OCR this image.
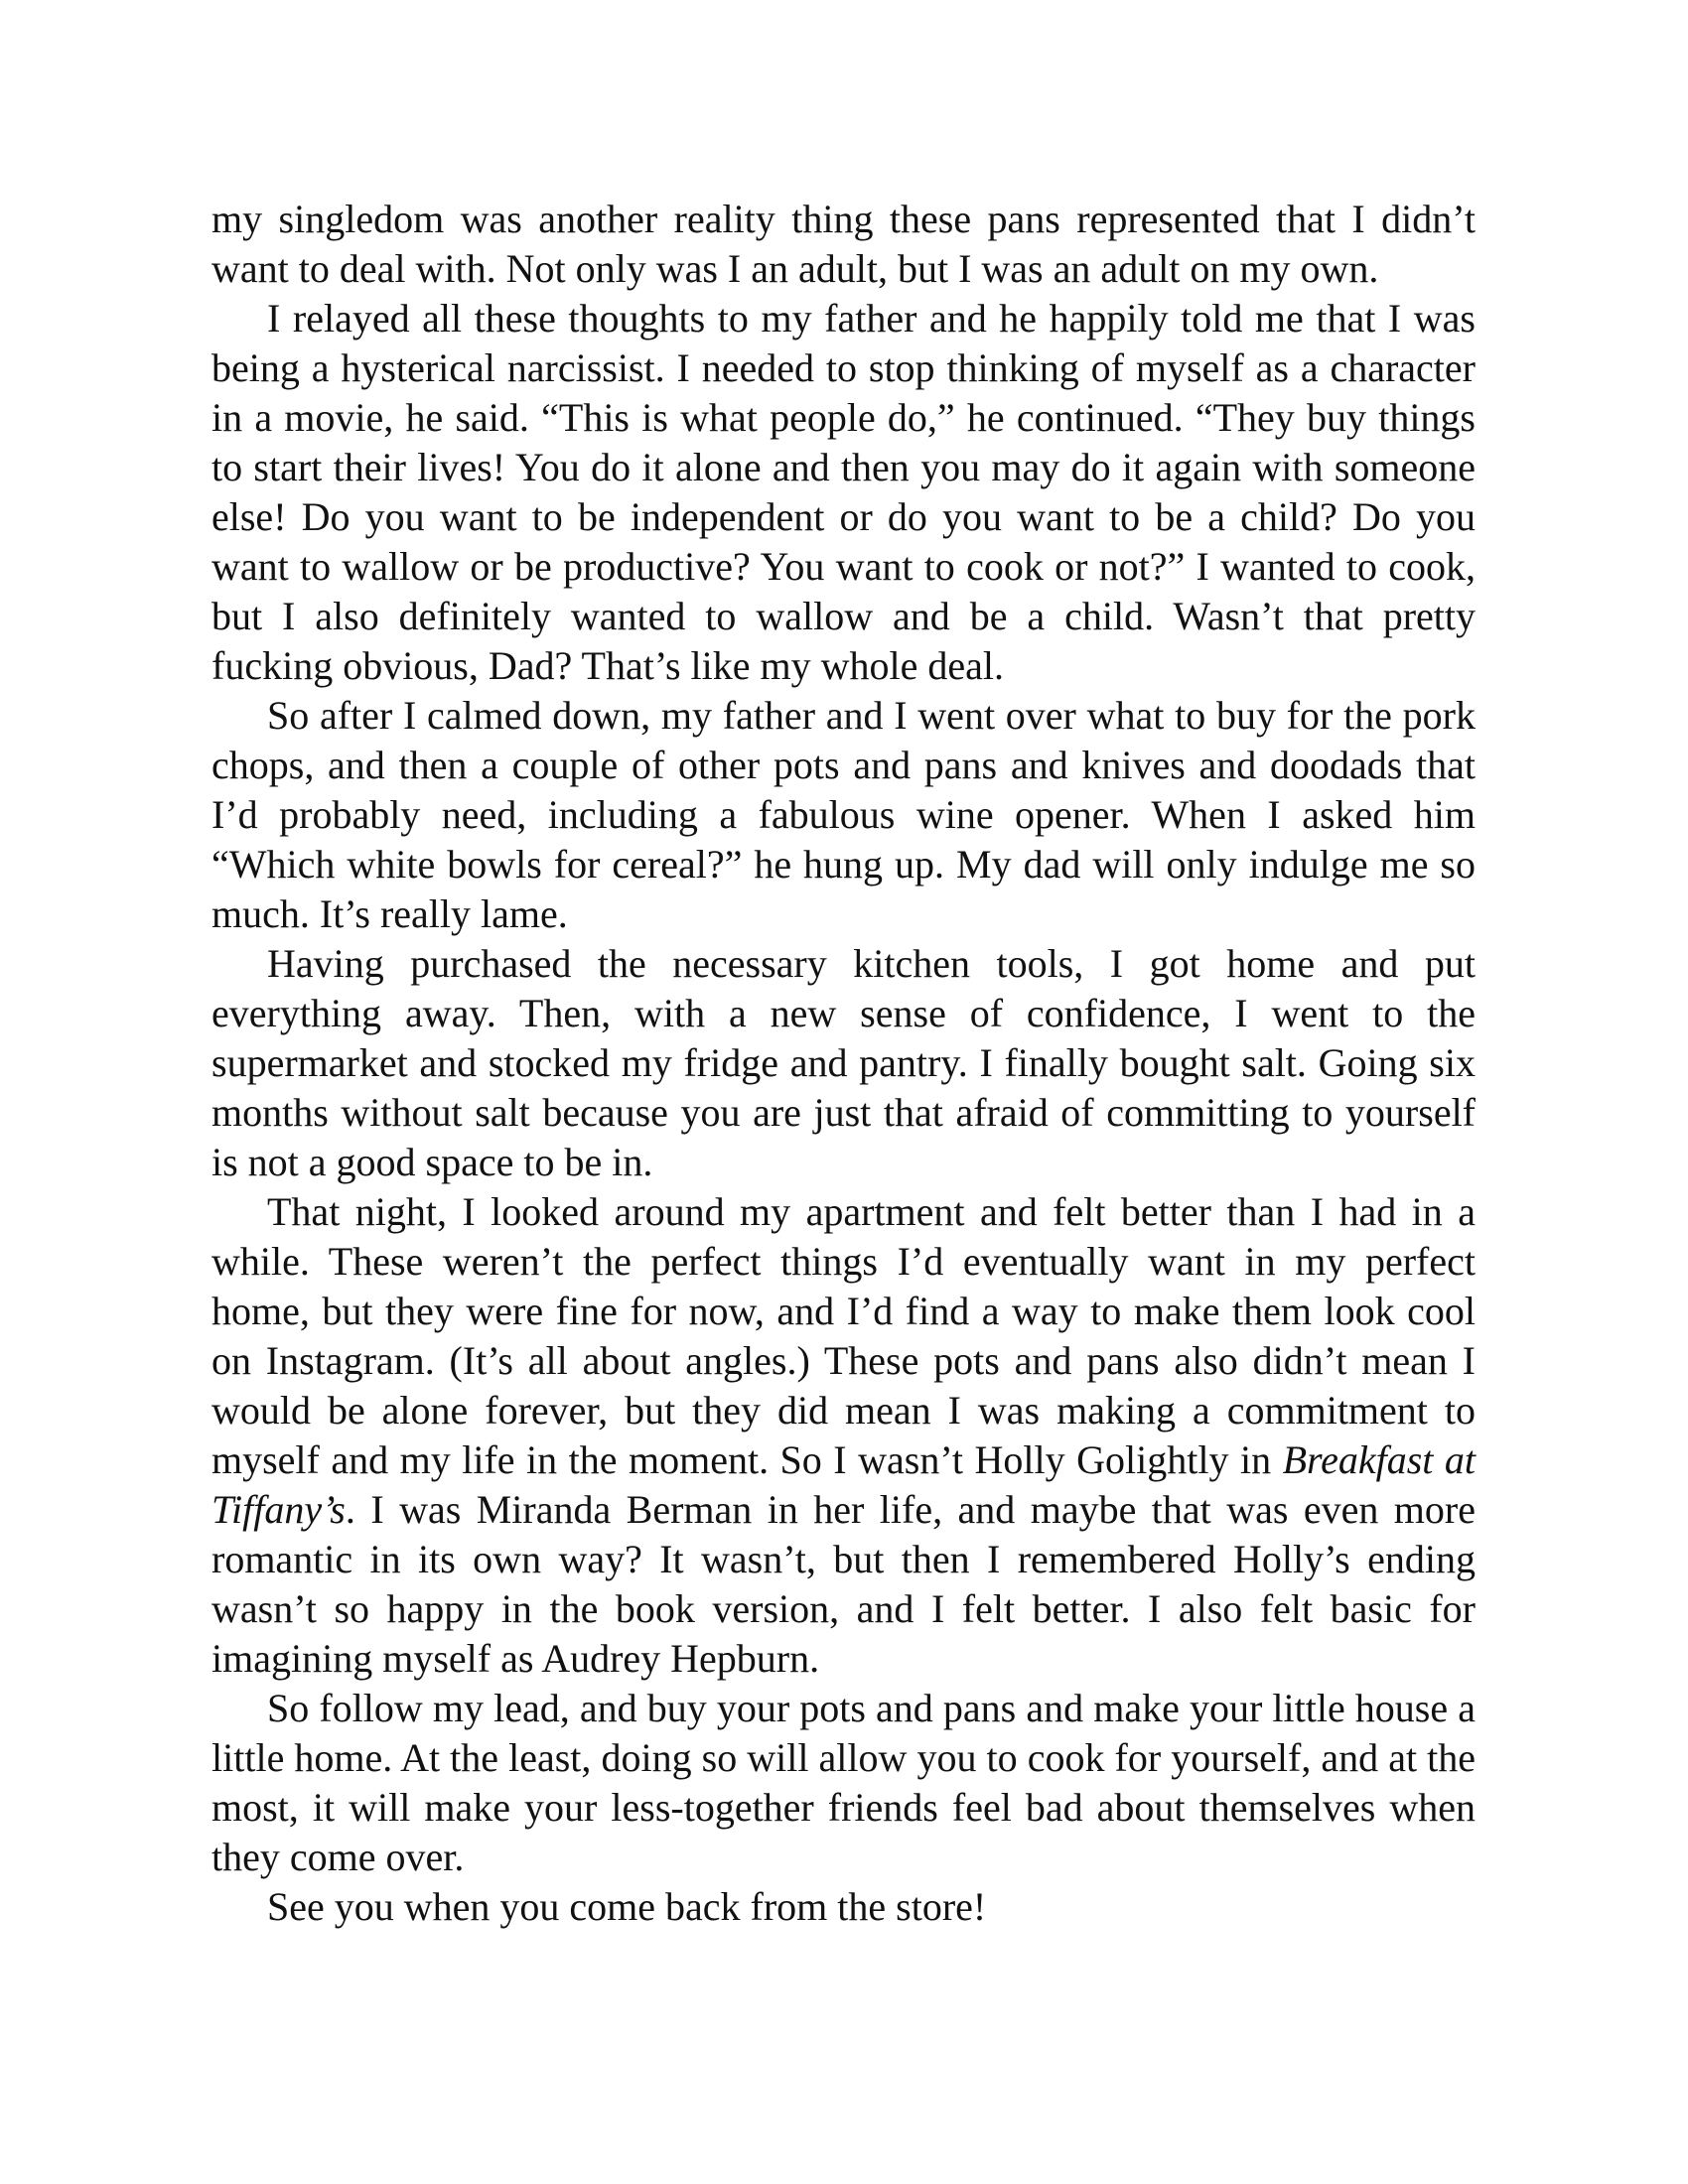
my singledom was another reality thing these pans represented that I didn’t want to deal with. Not only was I an adult, but I was an adult on my own.

I relayed all these thoughts to my father and he happily told me that I was being a hysterical narcissist. I needed to stop thinking of myself as a character in a movie, he said. “This is what people do,” he continued. “They buy things to start their lives! You do it alone and then you may do it again with someone else! Do you want to be independent or do you want to be a child? Do you want to wallow or be productive? You want to cook or not?” I wanted to cook, but I also definitely wanted to wallow and be a child. Wasn’t that pretty fucking obvious, Dad? That’s like my whole deal.

So after I calmed down, my father and I went over what to buy for the pork chops, and then a couple of other pots and pans and knives and doodads that I’d probably need, including a fabulous wine opener. When I asked him “Which white bowls for cereal?” he hung up. My dad will only indulge me so much. It’s really lame.

Having purchased the necessary kitchen tools, I got home and put everything away. Then, with a new sense of confidence, I went to the supermarket and stocked my fridge and pantry. I finally bought salt. Going six months without salt because you are just that afraid of committing to yourself is not a good space to be in.

That night, I looked around my apartment and felt better than I had in a while. These weren’t the perfect things I’d eventually want in my perfect home, but they were fine for now, and I’d find a way to make them look cool on Instagram. (It’s all about angles.) These pots and pans also didn’t mean I would be alone forever, but they did mean I was making a commitment to myself and my life in the moment. So I wasn’t Holly Golightly in Breakfast at Tiffany’s. I was Miranda Berman in her life, and maybe that was even more romantic in its own way? It wasn’t, but then I remembered Holly’s ending wasn’t so happy in the book version, and I felt better. I also felt basic for imagining myself as Audrey Hepburn.

So follow my lead, and buy your pots and pans and make your little house a little home. At the least, doing so will allow you to cook for yourself, and at the most, it will make your less-together friends feel bad about themselves when they come over.

See you when you come back from the store!
